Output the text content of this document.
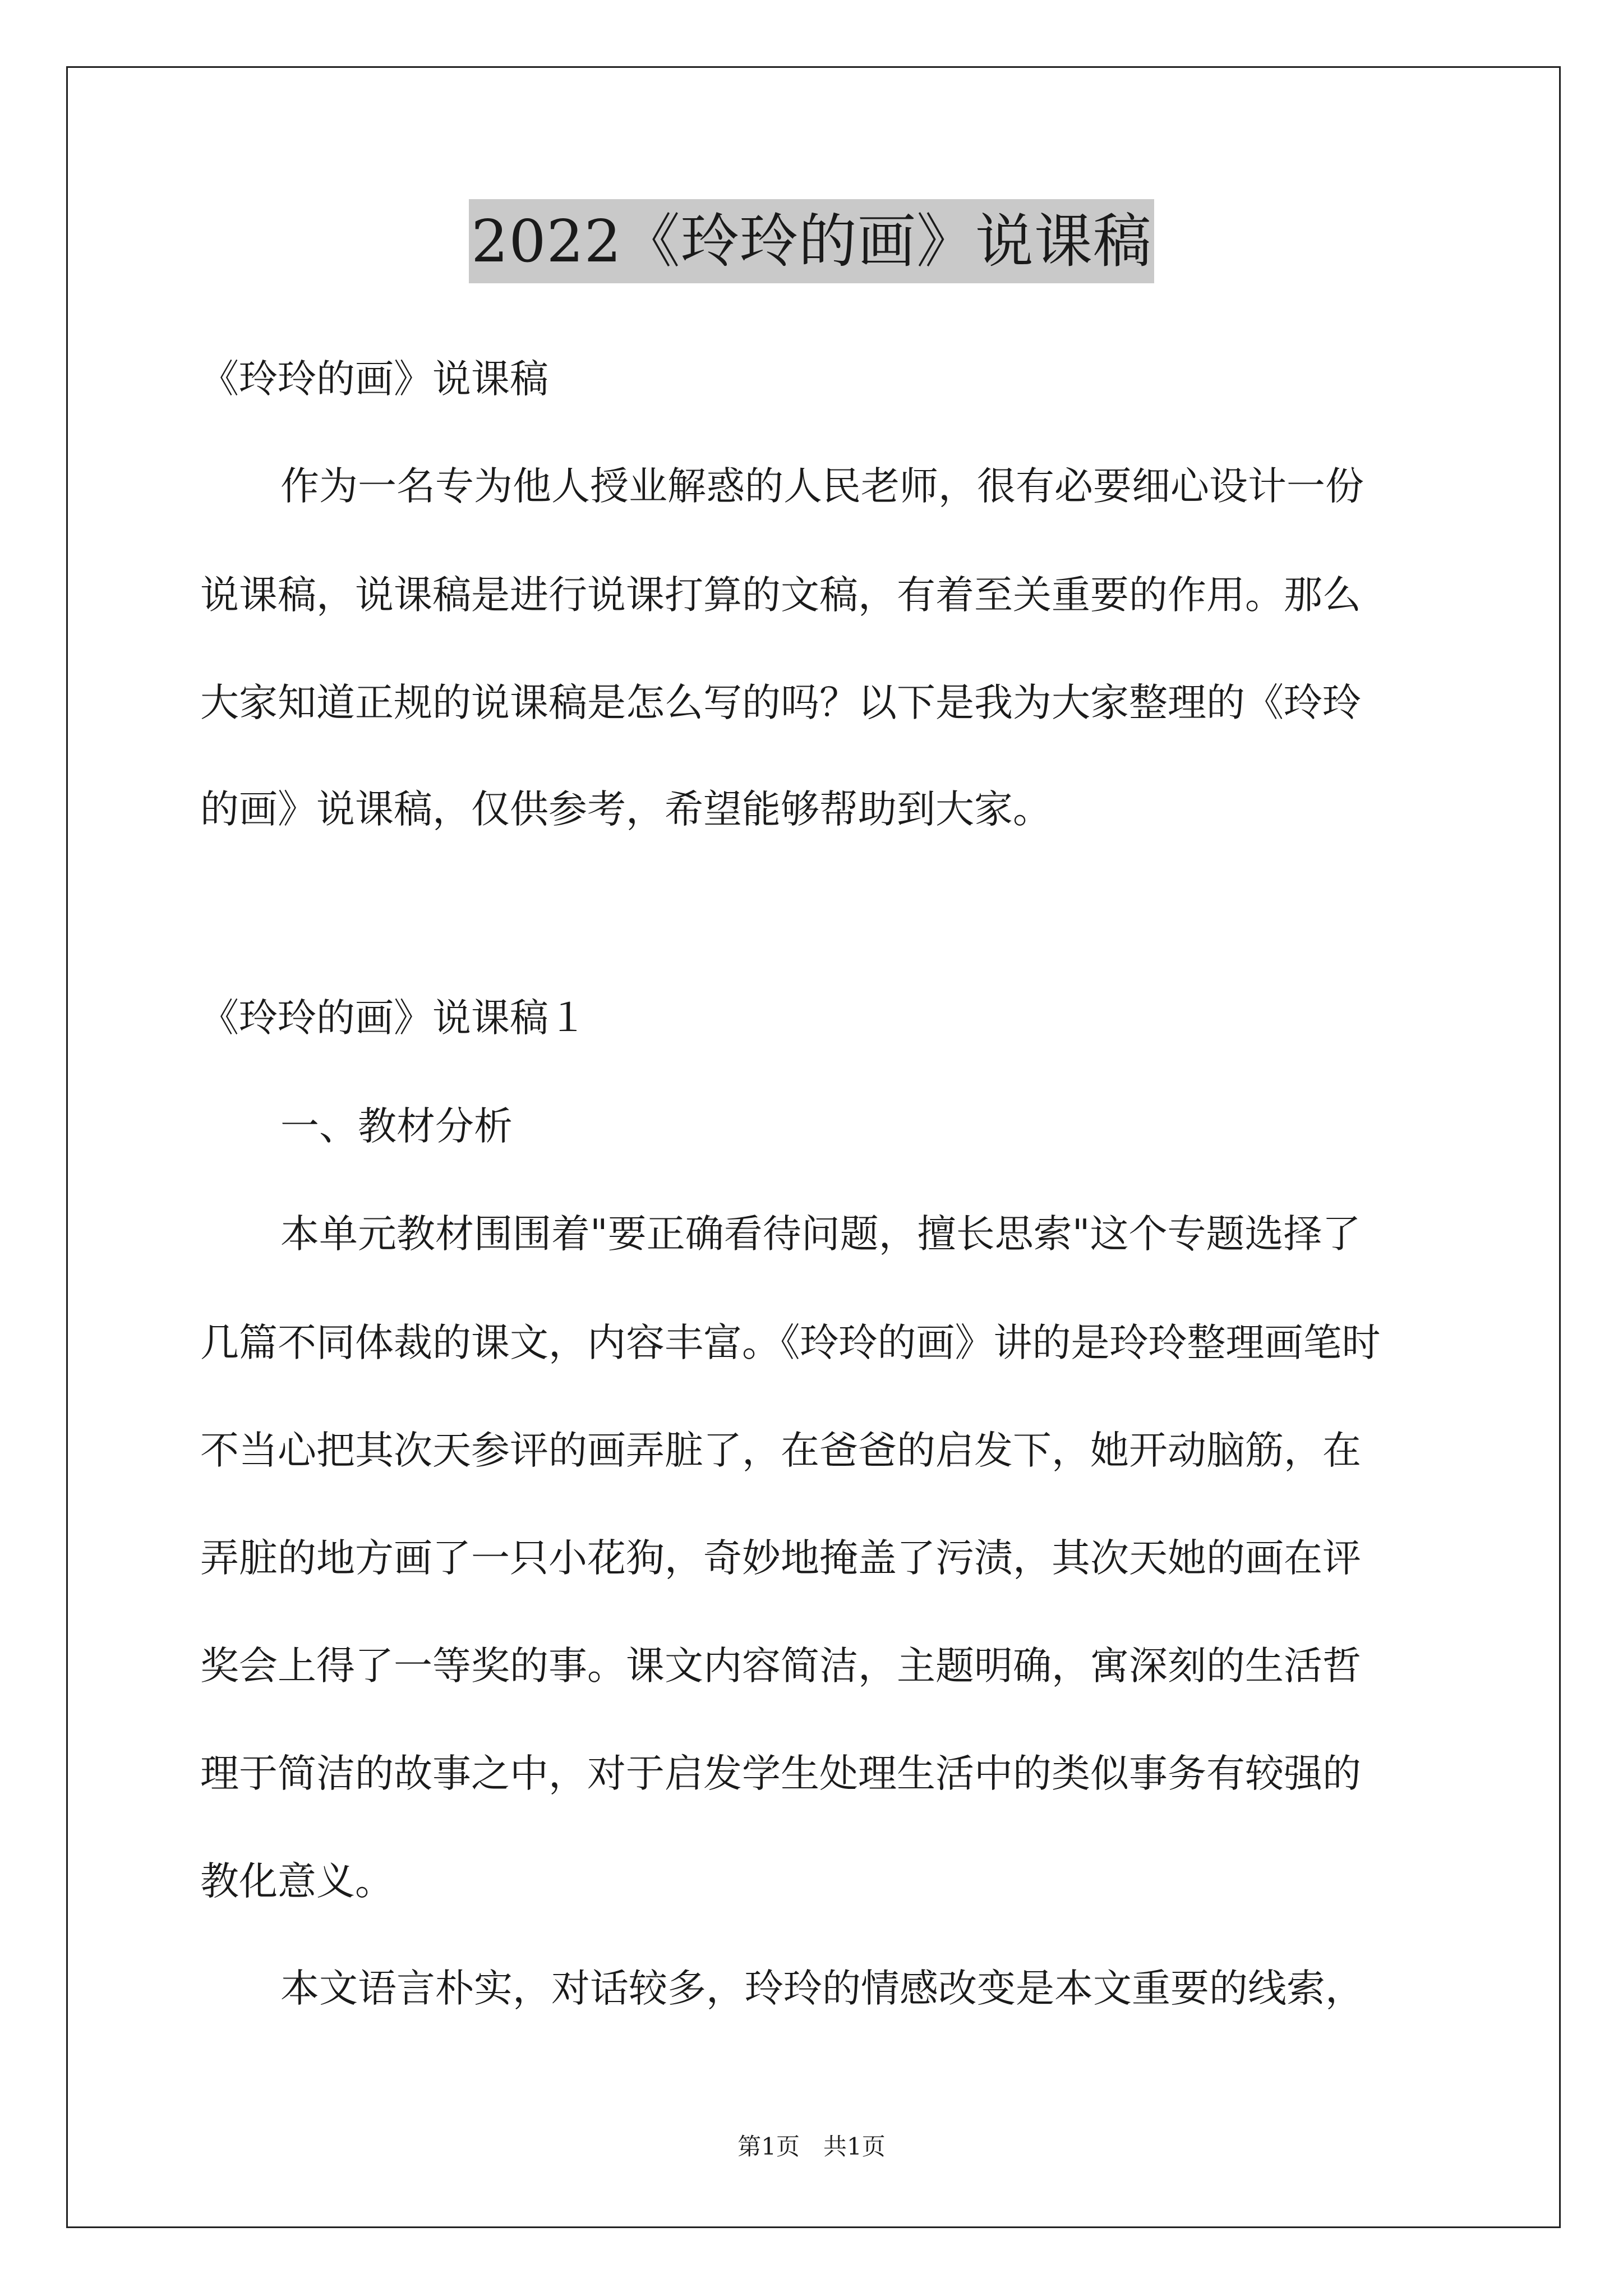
2022《玲玲的画》说课稿
《玲玲的画》说课稿
作为一名专为他人授业解惑的人民老师，很有必要细心设计一份
说课稿，说课稿是进行说课打算的文稿，有着至关重要的作用。那么
大家知道正规的说课稿是怎么写的吗？以下是我为大家整理的《玲玲
的画》说课稿，仅供参考，希望能够帮助到大家。
《玲玲的画》说课稿１
一、教材分析
本单元教材围围着"要正确看待问题，擅长思索"这个专题选择了
几篇不同体裁的课文，内容丰富。《玲玲的画》讲的是玲玲整理画笔时
不当心把其次天参评的画弄脏了，在爸爸的启发下，她开动脑筋，在
弄脏的地方画了一只小花狗，奇妙地掩盖了污渍，其次天她的画在评
奖会上得了一等奖的事。课文内容简洁，主题明确，寓深刻的生活哲
理于简洁的故事之中，对于启发学生处理生活中的类似事务有较强的
教化意义。
本文语言朴实，对话较多，玲玲的情感改变是本文重要的线索，
第1页　共1页
